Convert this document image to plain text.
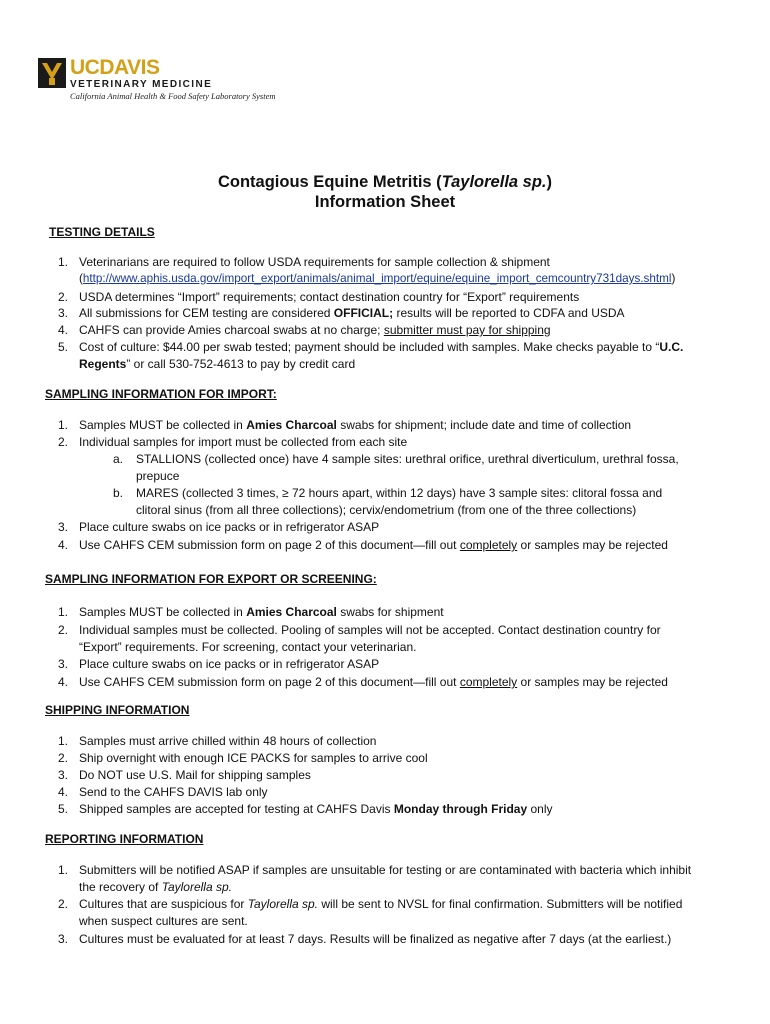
UCDAVIS
VETERINARY MEDICINE
California Animal Health & Food Safety Laboratory System
Contagious Equine Metritis (Taylorella sp.)
Information Sheet
TESTING DETAILS
1. Veterinarians are required to follow USDA requirements for sample collection & shipment
(http://www.aphis.usda.gov/import_export/animals/animal_import/equine/equine_import_cemcountry731days.shtml)
2. USDA determines “Import” requirements; contact destination country for “Export” requirements
3. All submissions for CEM testing are considered OFFICIAL; results will be reported to CDFA and USDA
4. CAHFS can provide Amies charcoal swabs at no charge; submitter must pay for shipping
5. Cost of culture: $44.00 per swab tested; payment should be included with samples. Make checks payable to “U.C.
Regents” or call 530-752-4613 to pay by credit card
SAMPLING INFORMATION FOR IMPORT:
1. Samples MUST be collected in Amies Charcoal swabs for shipment; include date and time of collection
2. Individual samples for import must be collected from each site
a. STALLIONS (collected once) have 4 sample sites: urethral orifice, urethral diverticulum, urethral fossa,
prepuce
b. MARES (collected 3 times, ≥ 72 hours apart, within 12 days) have 3 sample sites: clitoral fossa and
clitoral sinus (from all three collections); cervix/endometrium (from one of the three collections)
3. Place culture swabs on ice packs or in refrigerator ASAP
4. Use CAHFS CEM submission form on page 2 of this document—fill out completely or samples may be rejected
SAMPLING INFORMATION FOR EXPORT OR SCREENING:
1. Samples MUST be collected in Amies Charcoal swabs for shipment
2. Individual samples must be collected. Pooling of samples will not be accepted. Contact destination country for
“Export” requirements. For screening, contact your veterinarian.
3. Place culture swabs on ice packs or in refrigerator ASAP
4. Use CAHFS CEM submission form on page 2 of this document—fill out completely or samples may be rejected
SHIPPING INFORMATION
1. Samples must arrive chilled within 48 hours of collection
2. Ship overnight with enough ICE PACKS for samples to arrive cool
3. Do NOT use U.S. Mail for shipping samples
4. Send to the CAHFS DAVIS lab only
5. Shipped samples are accepted for testing at CAHFS Davis Monday through Friday only
REPORTING INFORMATION
1. Submitters will be notified ASAP if samples are unsuitable for testing or are contaminated with bacteria which inhibit
the recovery of Taylorella sp.
2. Cultures that are suspicious for Taylorella sp. will be sent to NVSL for final confirmation. Submitters will be notified
when suspect cultures are sent.
3. Cultures must be evaluated for at least 7 days. Results will be finalized as negative after 7 days (at the earliest.)
